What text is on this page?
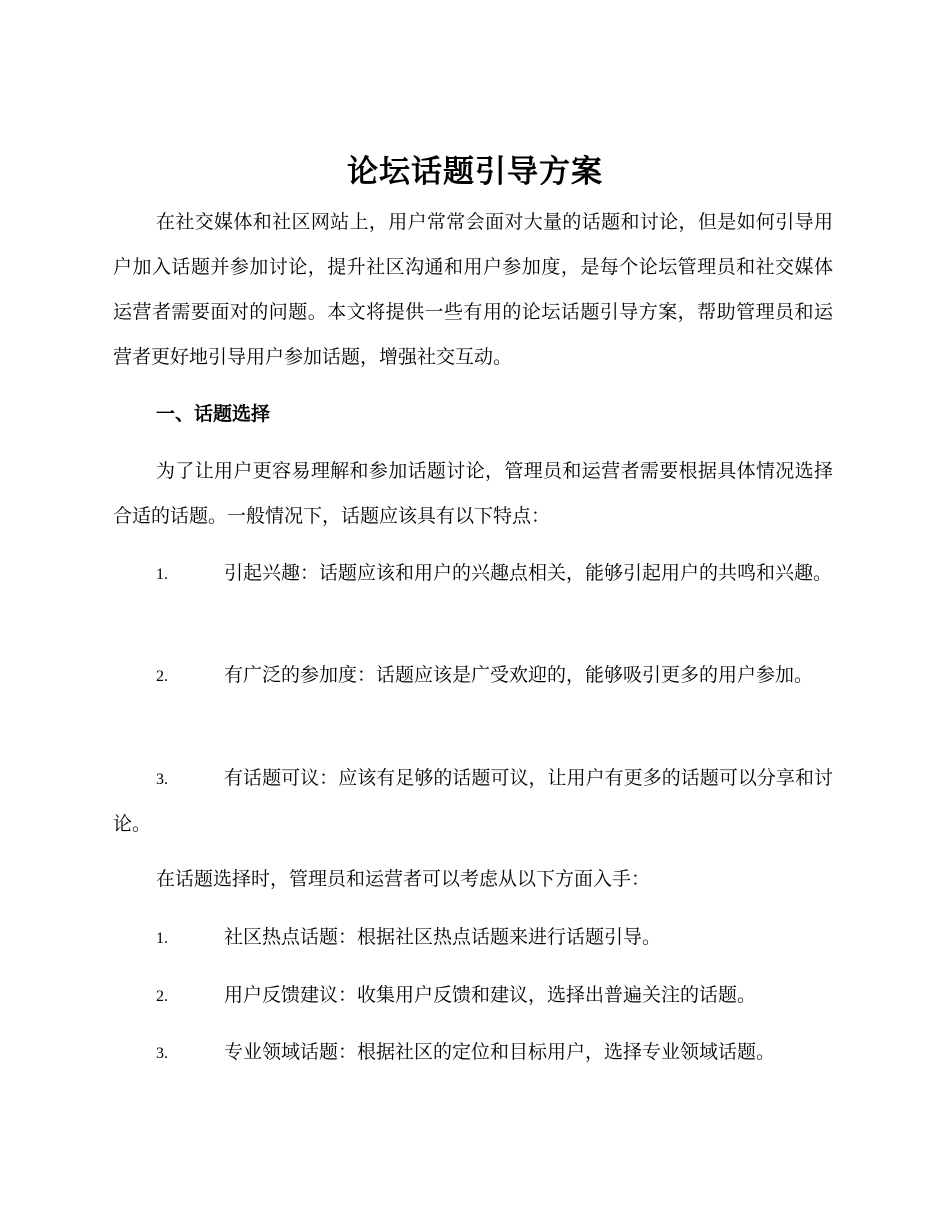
论坛话题引导方案
在社交媒体和社区网站上，用户常常会面对大量的话题和讨论，但是如何引导用户加入话题并参加讨论，提升社区沟通和用户参加度，是每个论坛管理员和社交媒体运营者需要面对的问题。本文将提供一些有用的论坛话题引导方案，帮助管理员和运营者更好地引导用户参加话题，增强社交互动。
一、话题选择
为了让用户更容易理解和参加话题讨论，管理员和运营者需要根据具体情况选择合适的话题。一般情况下，话题应该具有以下特点：
1.	引起兴趣：话题应该和用户的兴趣点相关，能够引起用户的共鸣和兴趣。
2.	有广泛的参加度：话题应该是广受欢迎的，能够吸引更多的用户参加。
3.	有话题可议：应该有足够的话题可议，让用户有更多的话题可以分享和讨论。
在话题选择时，管理员和运营者可以考虑从以下方面入手：
1.	社区热点话题：根据社区热点话题来进行话题引导。
2.	用户反馈建议：收集用户反馈和建议，选择出普遍关注的话题。
3.	专业领域话题：根据社区的定位和目标用户，选择专业领域话题。
